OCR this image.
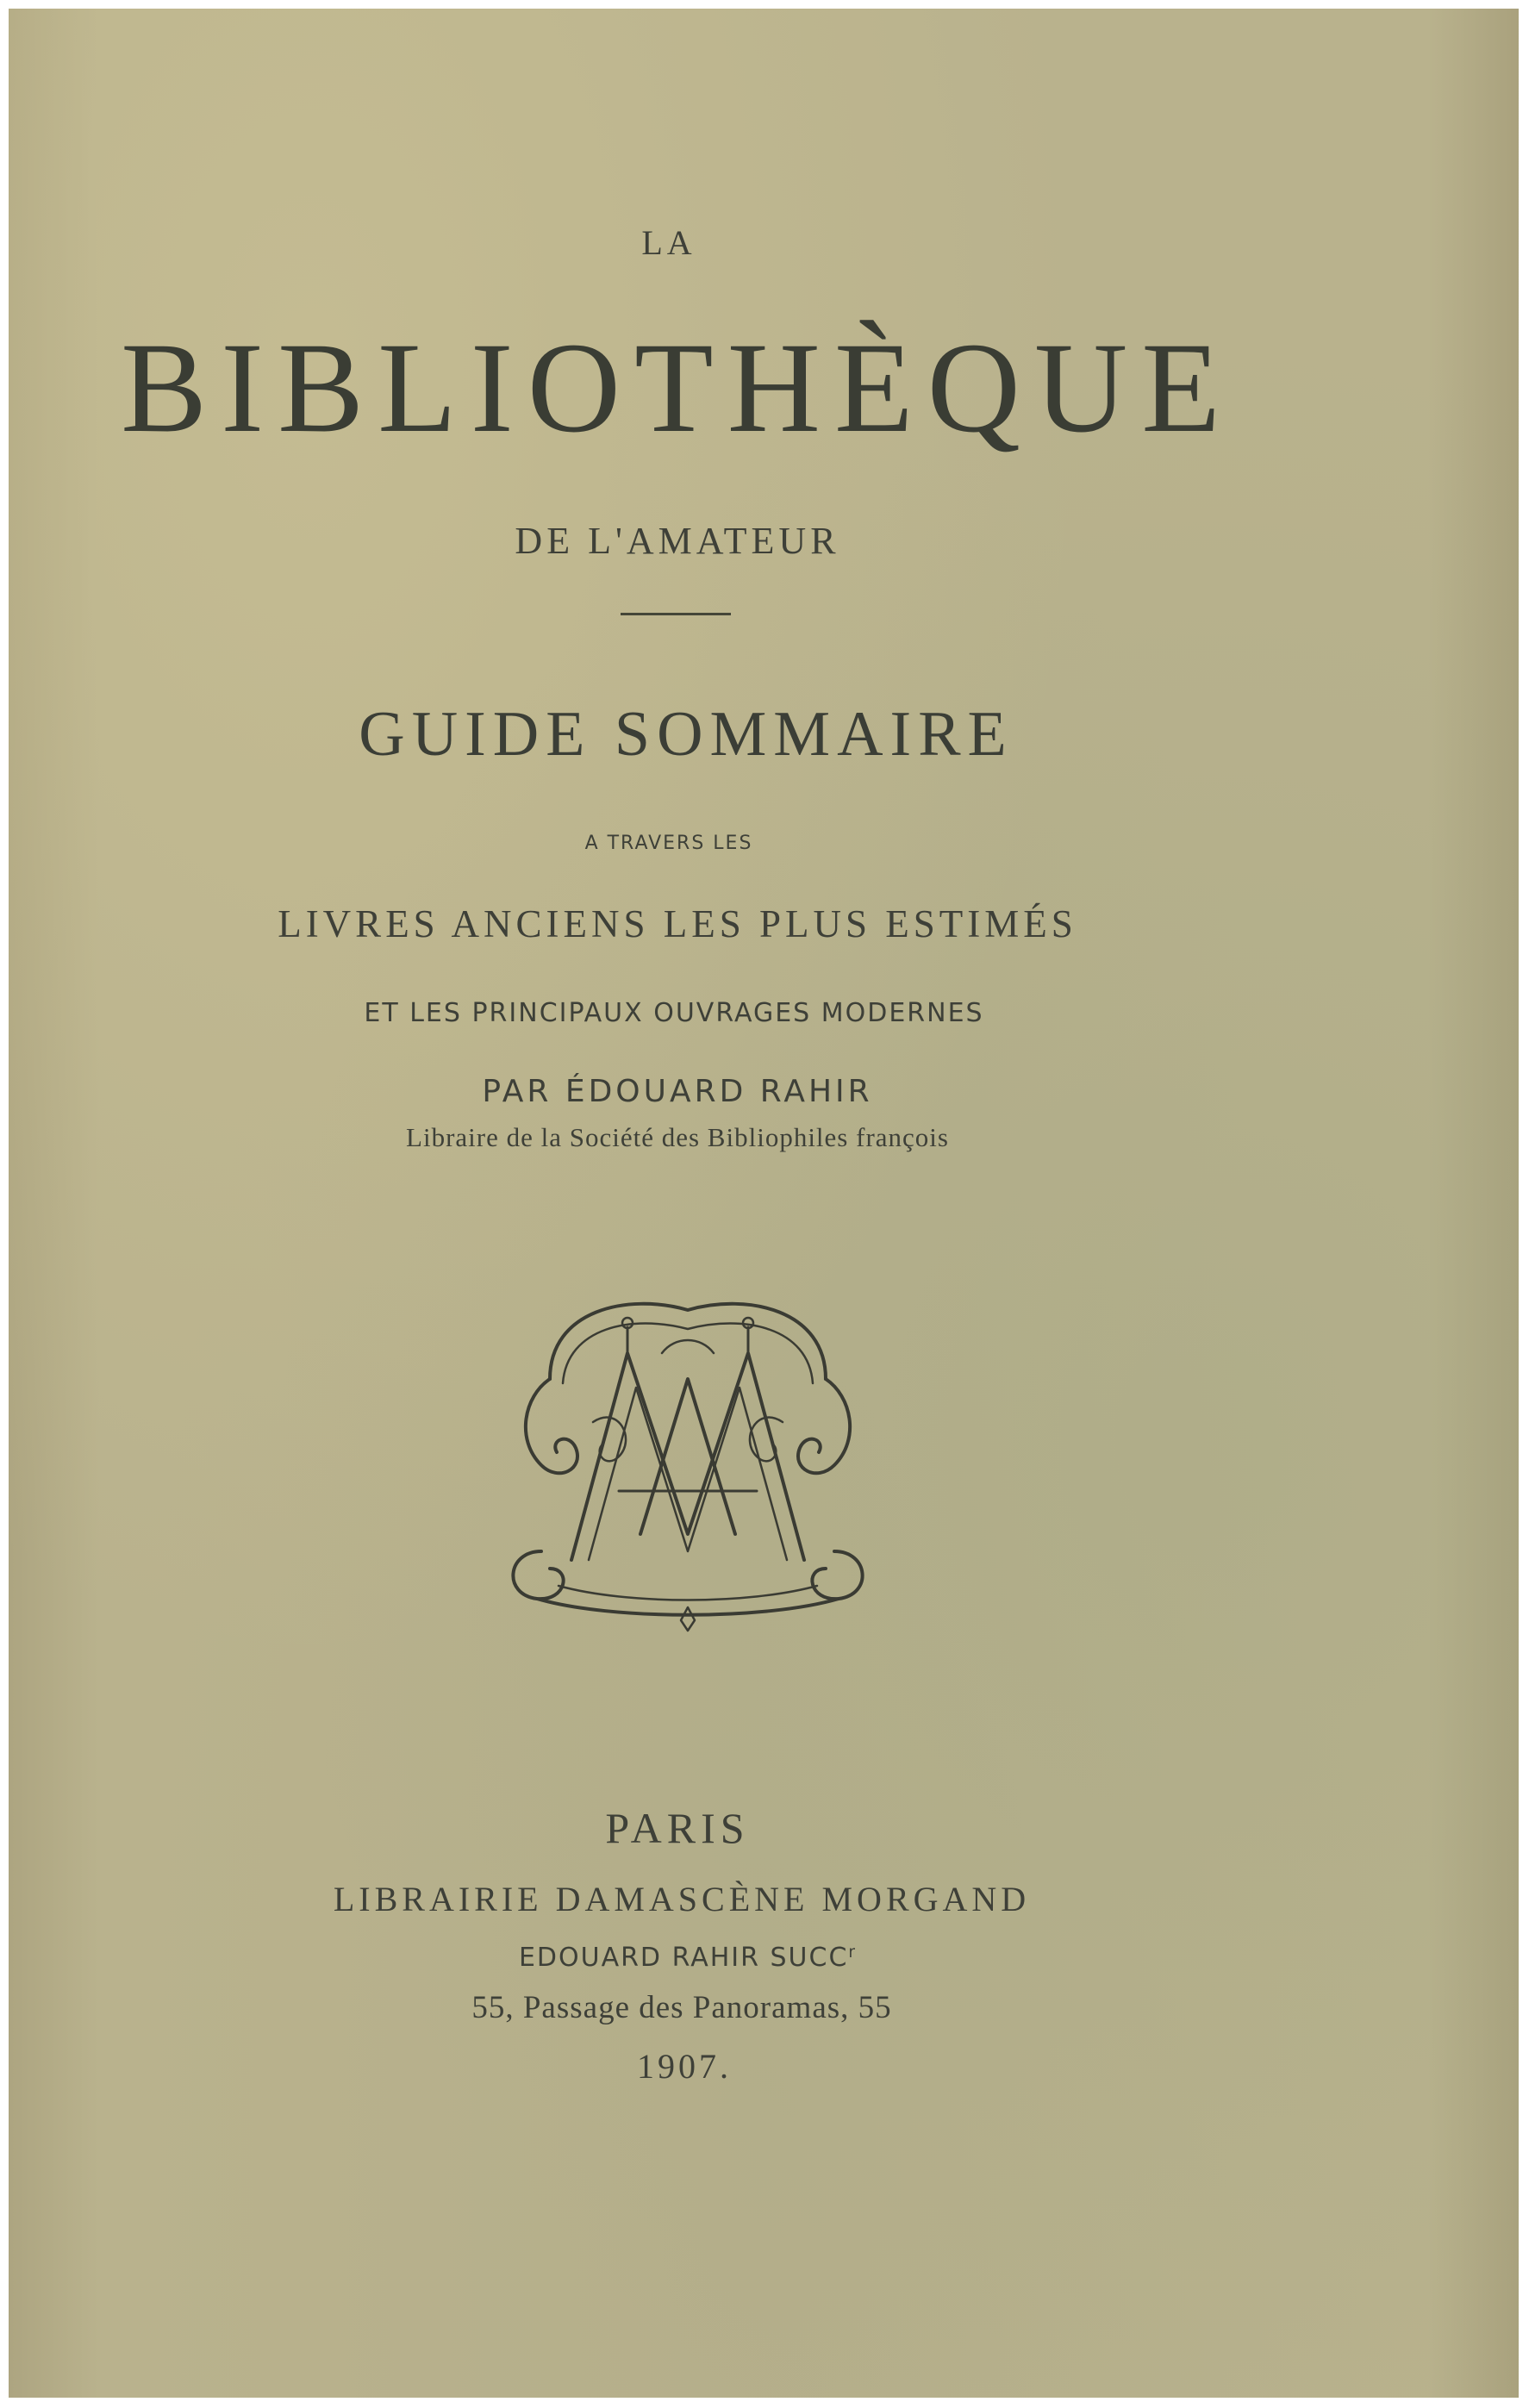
LA
BIBLIOTHÈQUE
DE L'AMATEUR
GUIDE SOMMAIRE
A TRAVERS LES
LIVRES ANCIENS LES PLUS ESTIMÉS
ET LES PRINCIPAUX OUVRAGES MODERNES
PAR ÉDOUARD RAHIR
Libraire de la Société des Bibliophiles françois
PARIS
LIBRAIRIE DAMASCÈNE MORGAND
EDOUARD RAHIR SUCC$^r$
55, Passage des Panoramas, 55
1907.
